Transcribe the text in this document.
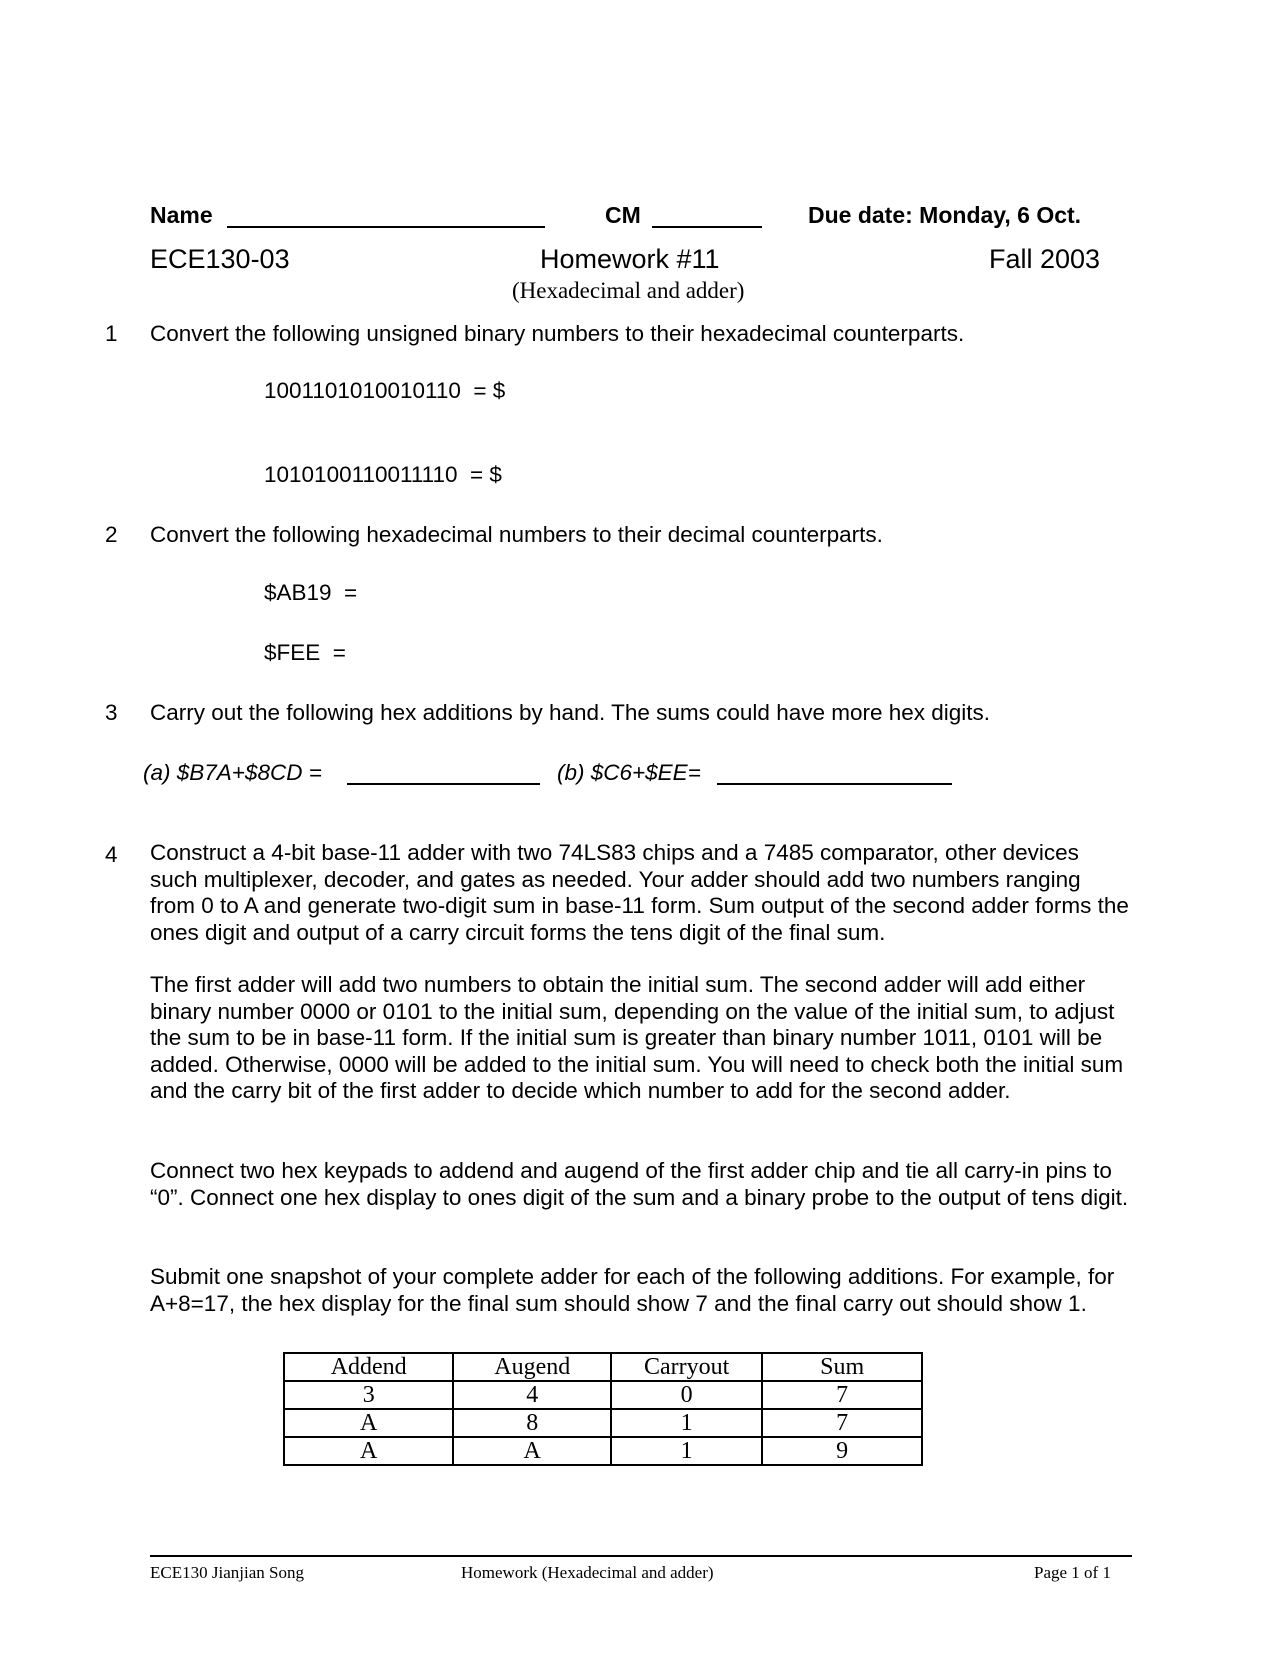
Name	CM	Due date: Monday, 6 Oct.
ECE130-03	Homework #11	Fall 2003
(Hexadecimal and adder)
1 Convert the following unsigned binary numbers to their hexadecimal counterparts.
1001101010010110  = $
1010100110011110  = $
2 Convert the following hexadecimal numbers to their decimal counterparts.
$AB19  =
$FEE  =
3 Carry out the following hex additions by hand. The sums could have more hex digits.
(a) $B7A+$8CD =	(b) $C6+$EE=
4 Construct a 4-bit base-11 adder with two 74LS83 chips and a 7485 comparator, other devices such multiplexer, decoder, and gates as needed. Your adder should add two numbers ranging from 0 to A and generate two-digit sum in base-11 form. Sum output of the second adder forms the ones digit and output of a carry circuit forms the tens digit of the final sum.
The first adder will add two numbers to obtain the initial sum. The second adder will add either binary number 0000 or 0101 to the initial sum, depending on the value of the initial sum, to adjust the sum to be in base-11 form. If the initial sum is greater than binary number 1011, 0101 will be added. Otherwise, 0000 will be added to the initial sum. You will need to check both the initial sum and the carry bit of the first adder to decide which number to add for the second adder.
Connect two hex keypads to addend and augend of the first adder chip and tie all carry-in pins to “0”. Connect one hex display to ones digit of the sum and a binary probe to the output of tens digit.
Submit one snapshot of your complete adder for each of the following additions. For example, for A+8=17, the hex display for the final sum should show 7 and the final carry out should show 1.
Addend	Augend	Carryout	Sum
3	4	0	7
A	8	1	7
A	A	1	9
ECE130 Jianjian Song	Homework (Hexadecimal and adder)	Page 1 of 1
